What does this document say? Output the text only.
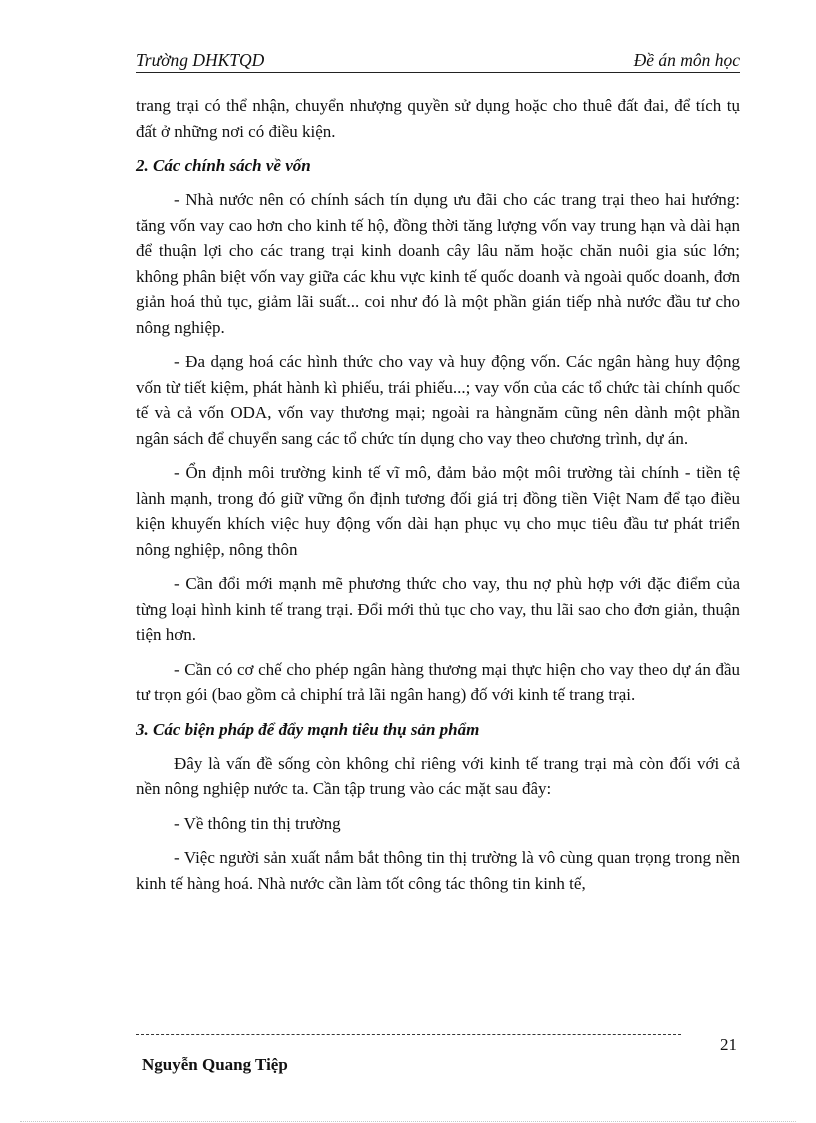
Trường DHKTQD	Đề án môn học

trang trại có thể nhận, chuyển nhượng quyền sử dụng hoặc cho thuê đất đai, để tích tụ đất ở những nơi có điều kiện.

2. Các chính sách về vốn

- Nhà nước nên có chính sách tín dụng ưu đãi cho các trang trại theo hai hướng: tăng vốn vay cao hơn cho kinh tế hộ, đồng thời tăng lượng vốn vay trung hạn và dài hạn để thuận lợi cho các trang trại kinh doanh cây lâu năm hoặc chăn nuôi gia súc lớn; không phân biệt vốn vay giữa các khu vực kinh tế quốc doanh và ngoài quốc doanh, đơn giản hoá thủ tục, giảm lãi suất... coi như đó là một phần gián tiếp nhà nước đầu tư cho nông nghiệp.

- Đa dạng hoá các hình thức cho vay và huy động vốn. Các ngân hàng huy động vốn từ tiết kiệm, phát hành kì phiếu, trái phiếu...; vay vốn của các tổ chức tài chính quốc tế và cả vốn ODA, vốn vay thương mại; ngoài ra hàngnăm cũng nên dành một phần ngân sách để chuyển sang các tổ chức tín dụng cho vay theo chương trình, dự án.

- Ổn định môi trường kinh tế vĩ mô, đảm bảo một môi trường tài chính - tiền tệ lành mạnh, trong đó giữ vững ổn định tương đối giá trị đồng tiền Việt Nam để tạo điều kiện khuyến khích việc huy động vốn dài hạn phục vụ cho mục tiêu đầu tư phát triển nông nghiệp, nông thôn

- Cần đổi mới mạnh mẽ phương thức cho vay, thu nợ phù hợp với đặc điểm của từng loại hình kinh tế trang trại. Đổi mới thủ tục cho vay, thu lãi sao cho đơn giản, thuận tiện hơn.

- Cần có cơ chế cho phép ngân hàng thương mại thực hiện cho vay theo dự án đầu tư trọn gói (bao gồm cả chiphí trả lãi ngân hang) đố với kinh tế trang trại.

3. Các biện pháp để đẩy mạnh tiêu thụ sản phẩm

Đây là vấn đề sống còn không chỉ riêng với kinh tế trang trại mà còn đối với cả nền nông nghiệp nước ta. Cần tập trung vào các mặt sau đây:

- Về thông tin thị trường

- Việc người sản xuất nắm bắt thông tin thị trường là vô cùng quan trọng trong nền kinh tế hàng hoá. Nhà nước cần làm tốt công tác thông tin kinh tế,

21
Nguyễn Quang Tiệp
